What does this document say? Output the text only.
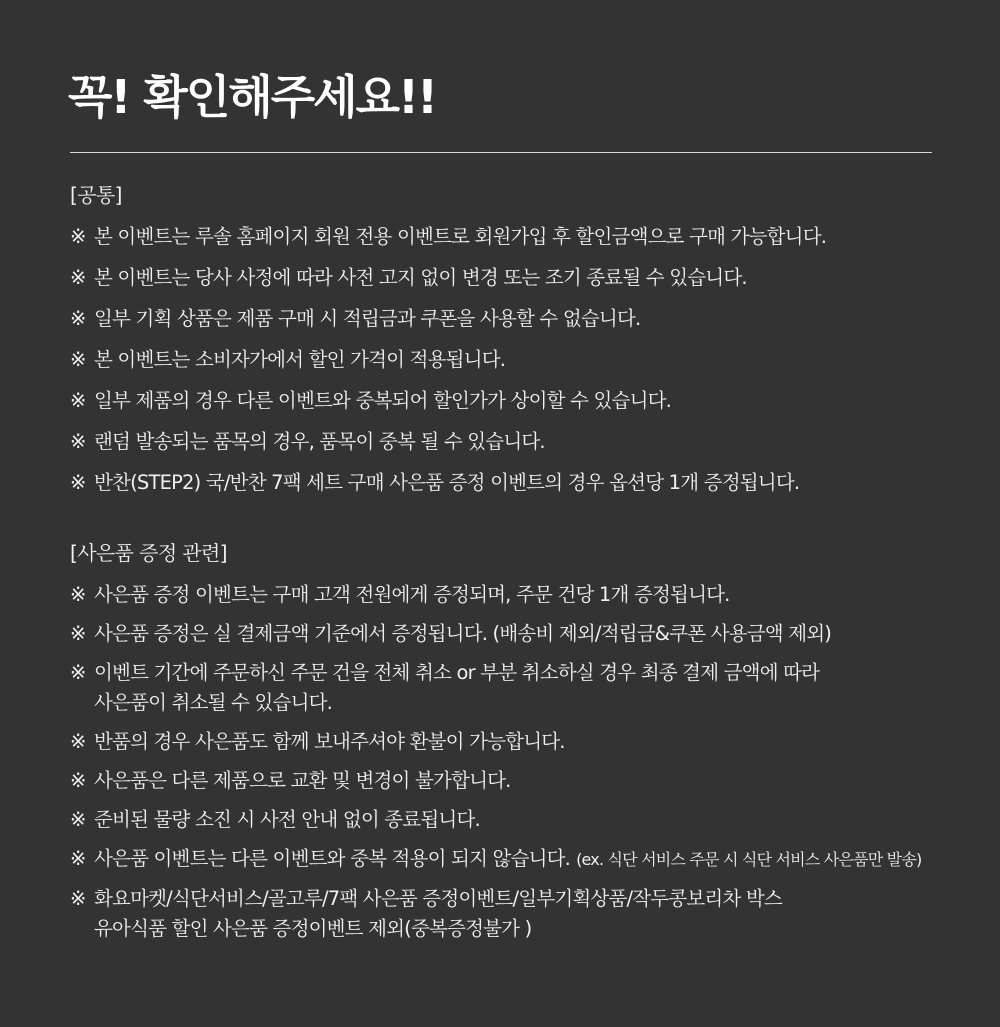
꼭! 확인해주세요!!
[공통]
※ 본 이벤트는 루솔 홈페이지 회원 전용 이벤트로 회원가입 후 할인금액으로 구매 가능합니다.
※ 본 이벤트는 당사 사정에 따라 사전 고지 없이 변경 또는 조기 종료될 수 있습니다.
※ 일부 기획 상품은 제품 구매 시 적립금과 쿠폰을 사용할 수 없습니다.
※ 본 이벤트는 소비자가에서 할인 가격이 적용됩니다.
※ 일부 제품의 경우 다른 이벤트와 중복되어 할인가가 상이할 수 있습니다.
※ 랜덤 발송되는 품목의 경우, 품목이 중복 될 수 있습니다.
※ 반찬(STEP2) 국/반찬 7팩 세트 구매 사은품 증정 이벤트의 경우 옵션당 1개 증정됩니다.
[사은품 증정 관련]
※ 사은품 증정 이벤트는 구매 고객 전원에게 증정되며, 주문 건당 1개 증정됩니다.
※ 사은품 증정은 실 결제금액 기준에서 증정됩니다. (배송비 제외/적립금&쿠폰 사용금액 제외)
※ 이벤트 기간에 주문하신 주문 건을 전체 취소 or 부분 취소하실 경우 최종 결제 금액에 따라
사은품이 취소될 수 있습니다.
※ 반품의 경우 사은품도 함께 보내주셔야 환불이 가능합니다.
※ 사은품은 다른 제품으로 교환 및 변경이 불가합니다.
※ 준비된 물량 소진 시 사전 안내 없이 종료됩니다.
※ 사은품 이벤트는 다른 이벤트와 중복 적용이 되지 않습니다. (ex. 식단 서비스 주문 시 식단 서비스 사은품만 발송)
※ 화요마켓/식단서비스/골고루/7팩 사은품 증정이벤트/일부기획상품/작두콩보리차 박스
유아식품 할인 사은품 증정이벤트 제외(중복증정불가 )
